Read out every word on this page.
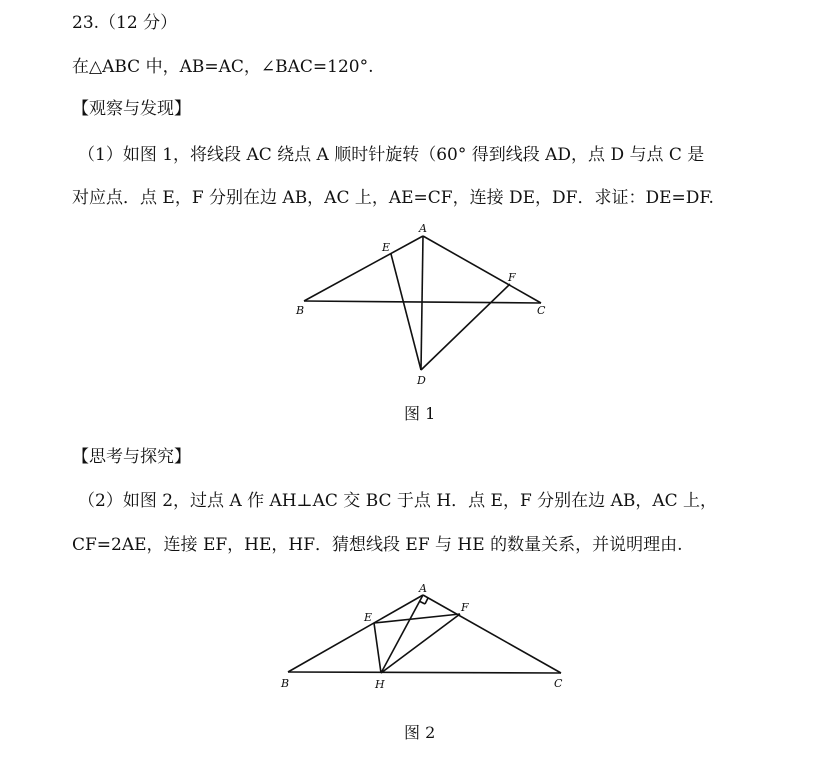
23.（12 分）
在△ABC 中，AB=AC，∠BAC=120°.
【观察与发现】
（1）如图 1，将线段 AC 绕点 A 顺时针旋转（60° 得到线段 AD，点 D 与点 C 是
对应点．点 E，F 分别在边 AB，AC 上，AE=CF，连接 DE，DF．求证：DE=DF.
A
B	C
D
E
F
图 1
【思考与探究】
（2）如图 2，过点 A 作 AH⊥AC 交 BC 于点 H．点 E，F 分别在边 AB，AC 上，
CF=2AE，连接 EF，HE，HF．猜想线段 EF 与 HE 的数量关系，并说明理由.
A
B	C
E
F
H
图 2
